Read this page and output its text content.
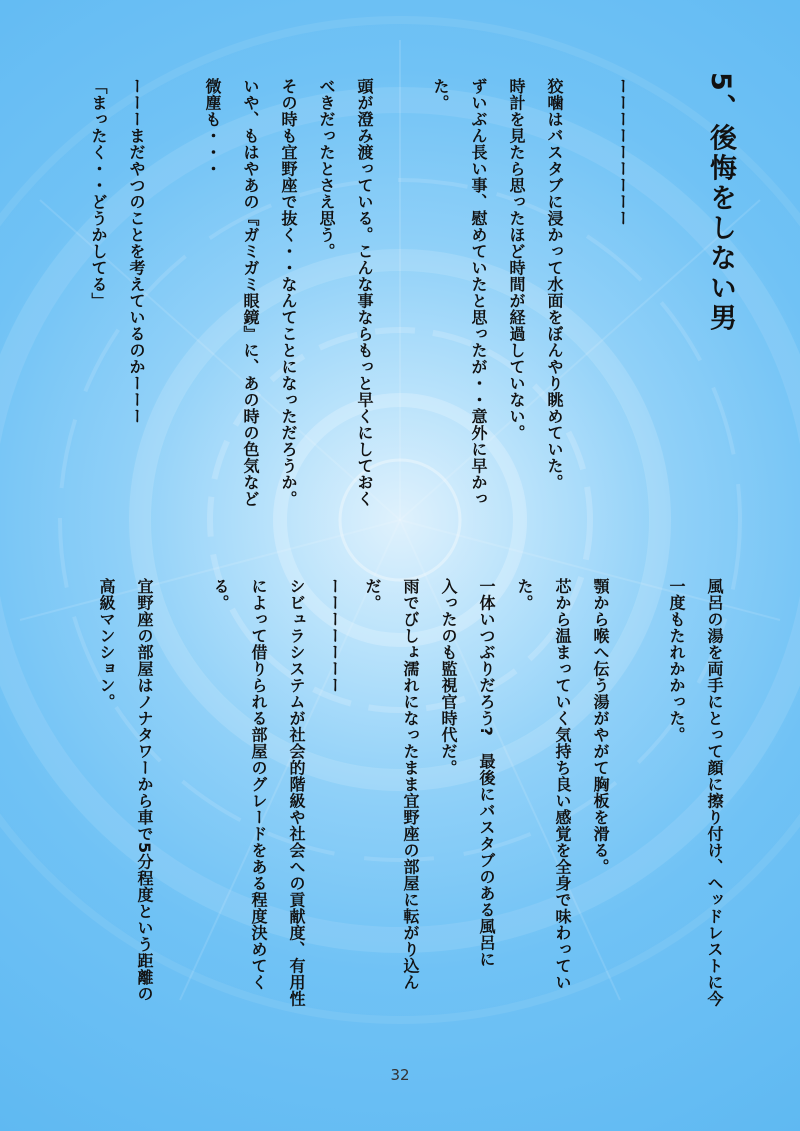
5、後悔をしない男
ーーーーーーーーー
狡噛はバスタブに浸かって水面をぼんやり眺めていた。
時計を見たら思ったほど時間が経過していない。
ずいぶん長い事、慰めていたと思ったが・・意外に早かっ
た。
頭が澄み渡っている。こんな事ならもっと早くにしておく
べきだったとさえ思う。
その時も宜野座で抜く・・なんてことになっただろうか。
いや、もはやあの『ガミガミ眼鏡』に、あの時の色気など
微塵も・・・
ーーーまだやつのことを考えているのかーーー
「まったく・・どうかしてる」
風呂の湯を両手にとって顔に擦り付け、ヘッドレストに今
一度もたれかかった。
顎から喉へ伝う湯がやがて胸板を滑る。
芯から温まっていく気持ち良い感覚を全身で味わってい
た。
一体いつぶりだろう?　最後にバスタブのある風呂に
入ったのも監視官時代だ。
雨でびしょ濡れになったまま宜野座の部屋に転がり込ん
だ。
ーーーーーーー
シビュラシステムが社会的階級や社会への貢献度、有用性
によって借りられる部屋のグレードをある程度決めてく
る。
宜野座の部屋はノナタワーから車で5分程度という距離の
高級マンション。
32
